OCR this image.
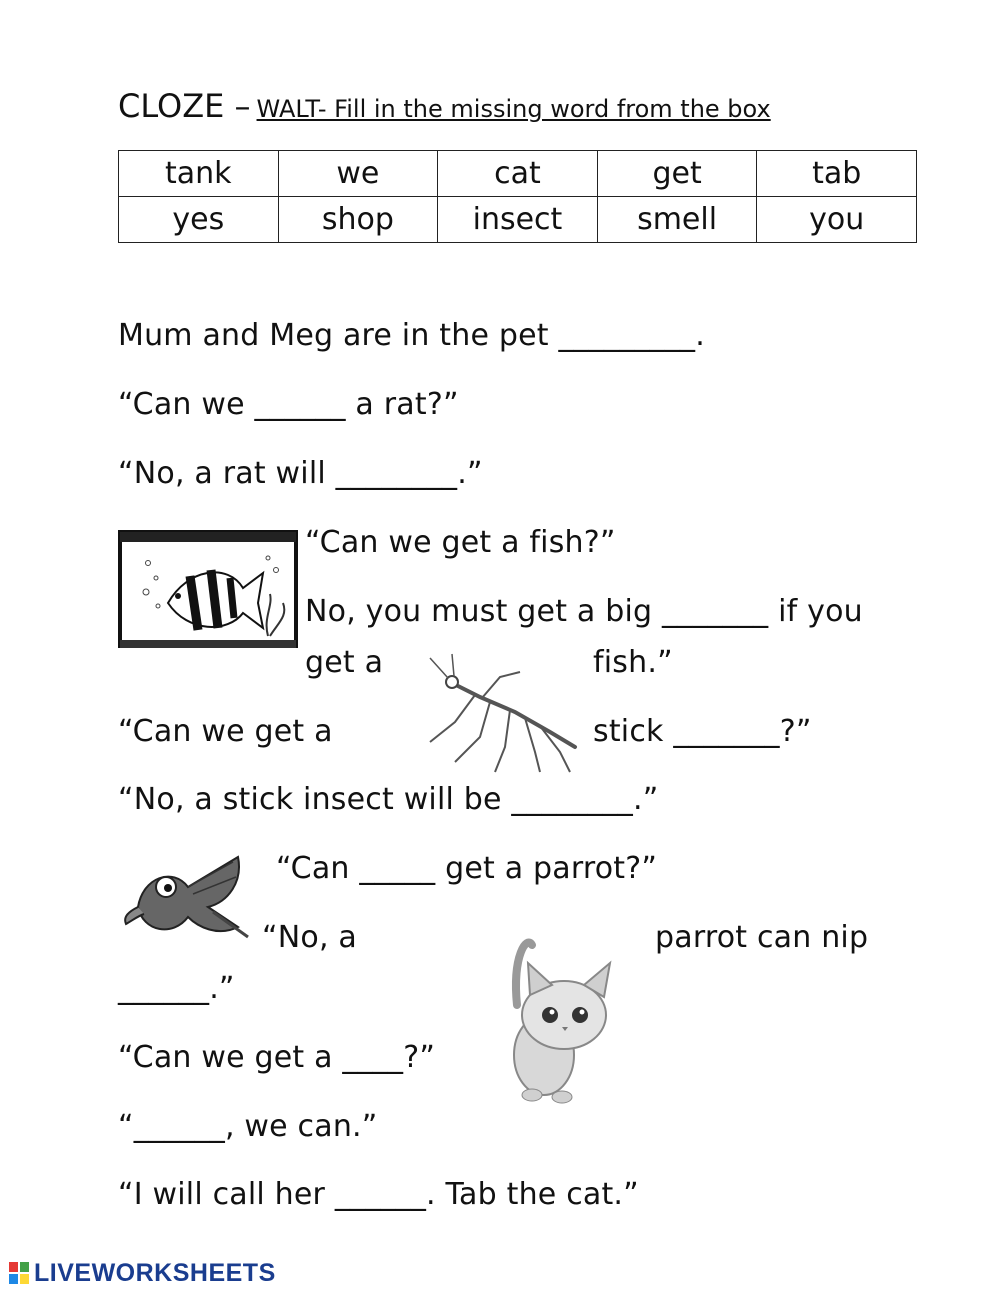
CLOZE – WALT- Fill in the missing word from the box
tank	we	cat	get	tab
yes	shop	insect	smell	you
Mum and Meg are in the pet _________.
“Can we ______ a rat?”
“No, a rat will ________.”
“Can we get a fish?”
No, you must get a big _______ if you
get a	fish.”
“Can we get a	stick _______?”
“No, a stick insect will be ________.”
“Can _____ get a parrot?”
“No, a	parrot can nip
______.”
“Can we get a ____?”
“______, we can.”
“I will call her ______. Tab the cat.”
LIVEWORKSHEETS
